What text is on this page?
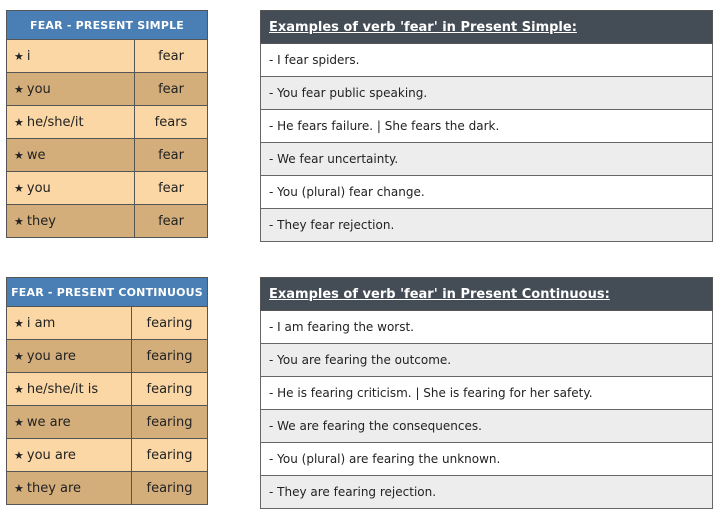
FEAR - PRESENT SIMPLE	
★ i	fear
★ you	fear
★ he/she/it	fears
★ we	fear
★ you	fear
★ they	fear
Examples of verb 'fear' in Present Simple:
- I fear spiders.
- You fear public speaking.
- He fears failure. | She fears the dark.
- We fear uncertainty.
- You (plural) fear change.
- They fear rejection.
FEAR - PRESENT CONTINUOUS	
★ i am	fearing
★ you are	fearing
★ he/she/it is	fearing
★ we are	fearing
★ you are	fearing
★ they are	fearing
Examples of verb 'fear' in Present Continuous:
- I am fearing the worst.
- You are fearing the outcome.
- He is fearing criticism. | She is fearing for her safety.
- We are fearing the consequences.
- You (plural) are fearing the unknown.
- They are fearing rejection.
